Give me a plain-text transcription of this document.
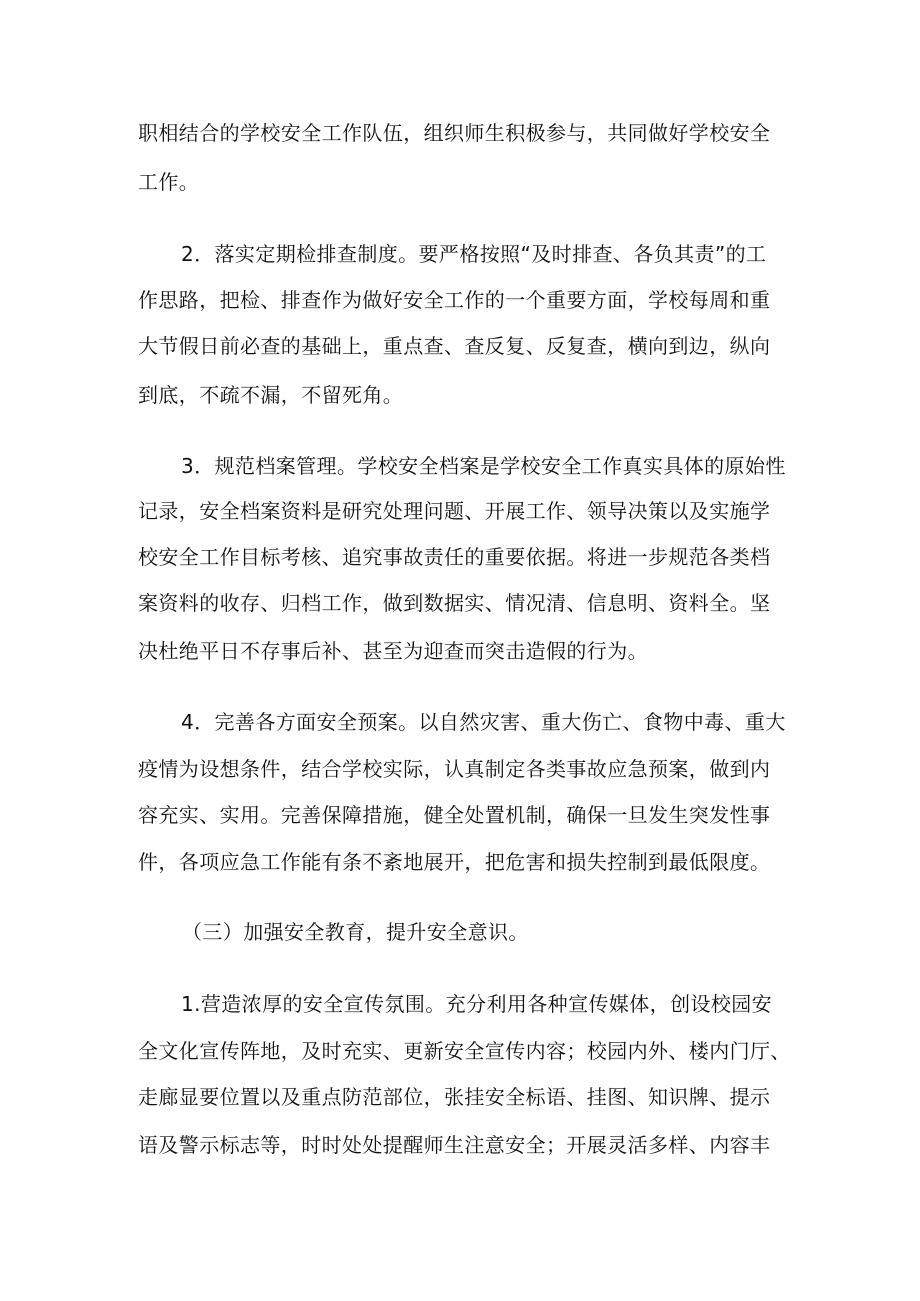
职相结合的学校安全工作队伍，组织师生积极参与，共同做好学校安全
工作。
2．落实定期检排查制度。要严格按照“及时排查、各负其责”的工
作思路，把检、排查作为做好安全工作的一个重要方面，学校每周和重
大节假日前必查的基础上，重点查、查反复、反复查，横向到边，纵向
到底，不疏不漏，不留死角。
3．规范档案管理。学校安全档案是学校安全工作真实具体的原始性
记录，安全档案资料是研究处理问题、开展工作、领导决策以及实施学
校安全工作目标考核、追究事故责任的重要依据。将进一步规范各类档
案资料的收存、归档工作，做到数据实、情况清、信息明、资料全。坚
决杜绝平日不存事后补、甚至为迎查而突击造假的行为。
4．完善各方面安全预案。以自然灾害、重大伤亡、食物中毒、重大
疫情为设想条件，结合学校实际，认真制定各类事故应急预案，做到内
容充实、实用。完善保障措施，健全处置机制，确保一旦发生突发性事
件，各项应急工作能有条不紊地展开，把危害和损失控制到最低限度。
（三）加强安全教育，提升安全意识。
1.营造浓厚的安全宣传氛围。充分利用各种宣传媒体，创设校园安
全文化宣传阵地，及时充实、更新安全宣传内容；校园内外、楼内门厅、
走廊显要位置以及重点防范部位，张挂安全标语、挂图、知识牌、提示
语及警示标志等，时时处处提醒师生注意安全；开展灵活多样、内容丰
